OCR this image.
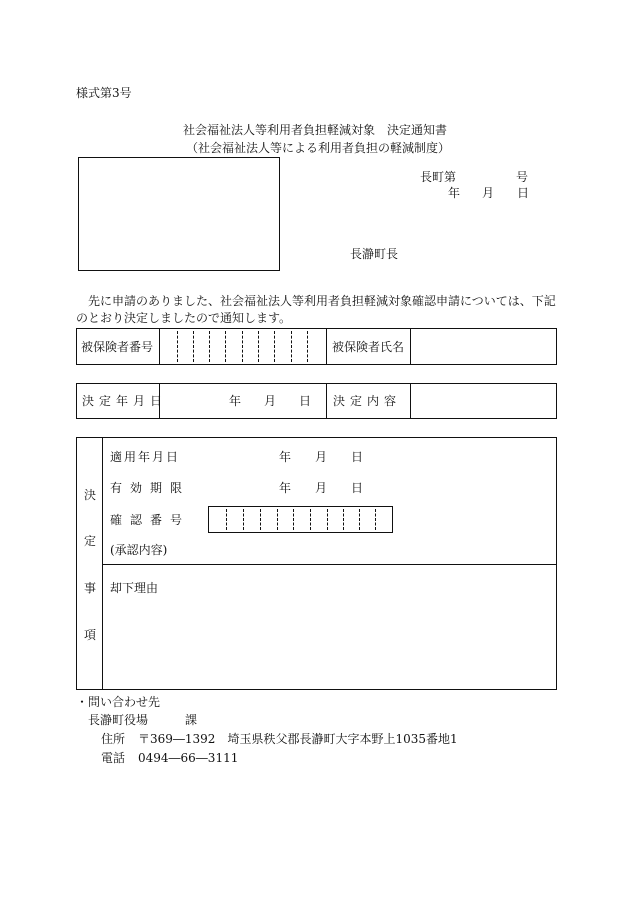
様式第3号
社会福祉法人等利用者負担軽減対象　決定通知書
（社会福祉法人等による利用者負担の軽減制度）
長町第	号
年 月 日
長瀞町長
先に申請のありました、社会福祉法人等利用者負担軽減対象確認申請については、下記
のとおり決定しましたので通知します。
被保険者番号	被保険者氏名
決定年月日	年 月 日 決定内容
決
定
事
項
適用年月日	年 月 日
有効期限	年 月 日
確認番号
(承認内容)
却下理由
・問い合わせ先
長瀞町役場	課
住所 〒369―1392　埼玉県秩父郡長瀞町大字本野上1035番地1
電話 0494―66―3111
